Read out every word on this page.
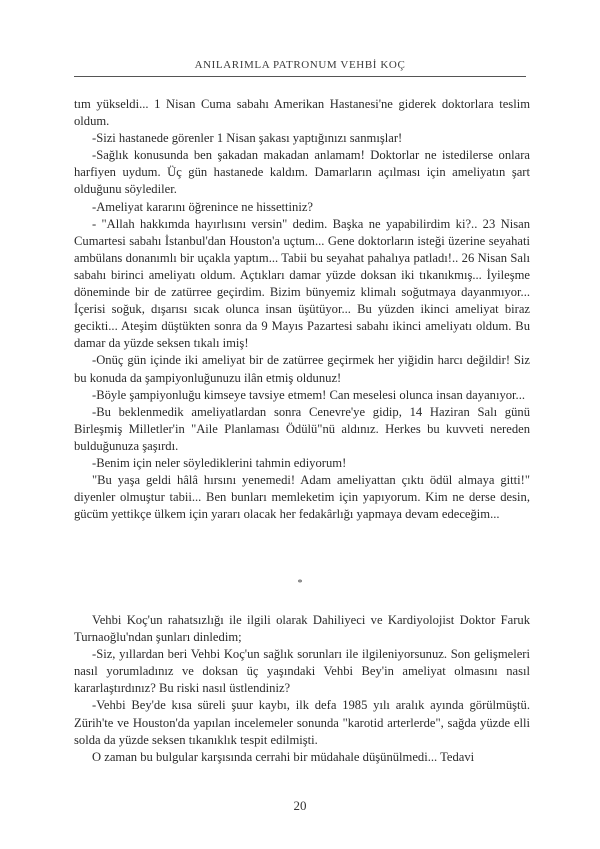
ANILARIMLA PATRONUM VEHBİ KOÇ

tım yükseldi... 1 Nisan Cuma sabahı Amerikan Hastanesi'ne giderek doktorlara teslim oldum.

-Sizi hastanede görenler 1 Nisan şakası yaptığınızı sanmışlar!

-Sağlık konusunda ben şakadan makadan anlamam! Doktorlar ne istedilerse onlara harfiyen uydum. Üç gün hastanede kaldım. Damarların açılması için ameliyatın şart olduğunu söylediler.

-Ameliyat kararını öğrenince ne hissettiniz?

- "Allah hakkımda hayırlısını versin" dedim. Başka ne yapabilirdim ki?.. 23 Nisan Cumartesi sabahı İstanbul'dan Houston'a uçtum... Gene doktorların isteği üzerine seyahati ambülans donanımlı bir uçakla yaptım... Tabii bu seyahat pahalıya patladı!.. 26 Nisan Salı sabahı birinci ameliyatı oldum. Açtıkları damar yüzde doksan iki tıkanıkmış... İyileşme döneminde bir de zatürree geçirdim. Bizim bünyemiz klimalı soğutmaya dayanmıyor... İçerisi soğuk, dışarısı sıcak olunca insan üşütüyor... Bu yüzden ikinci ameliyat biraz gecikti... Ateşim düştükten sonra da 9 Mayıs Pazartesi sabahı ikinci ameliyatı oldum. Bu damar da yüzde seksen tıkalı imiş!

-Onüç gün içinde iki ameliyat bir de zatürree geçirmek her yiğidin harcı değildir! Siz bu konuda da şampiyonluğunuzu ilân etmiş oldunuz!

-Böyle şampiyonluğu kimseye tavsiye etmem! Can meselesi olunca insan dayanıyor...

-Bu beklenmedik ameliyatlardan sonra Cenevre'ye gidip, 14 Haziran Salı günü Birleşmiş Milletler'in "Aile Planlaması Ödülü"nü aldınız. Herkes bu kuvveti nereden bulduğunuza şaşırdı.

-Benim için neler söylediklerini tahmin ediyorum!

"Bu yaşa geldi hâlâ hırsını yenemedi! Adam ameliyattan çıktı ödül almaya gitti!" diyenler olmuştur tabii... Ben bunları memleketim için yapıyorum. Kim ne derse desin, gücüm yettikçe ülkem için yararı olacak her fedakârlığı yapmaya devam edeceğim...

*

Vehbi Koç'un rahatsızlığı ile ilgili olarak Dahiliyeci ve Kardiyolojist Doktor Faruk Turnaoğlu'ndan şunları dinledim;

-Siz, yıllardan beri Vehbi Koç'un sağlık sorunları ile ilgileniyorsunuz. Son gelişmeleri nasıl yorumladınız ve doksan üç yaşındaki Vehbi Bey'in ameliyat olmasını nasıl kararlaştırdınız? Bu riski nasıl üstlendiniz?

-Vehbi Bey'de kısa süreli şuur kaybı, ilk defa 1985 yılı aralık ayında görülmüştü. Zürih'te ve Houston'da yapılan incelemeler sonunda "karotid arterlerde", sağda yüzde elli solda da yüzde seksen tıkanıklık tespit edilmişti.

O zaman bu bulgular karşısında cerrahi bir müdahale düşünülmedi... Tedavi

20
